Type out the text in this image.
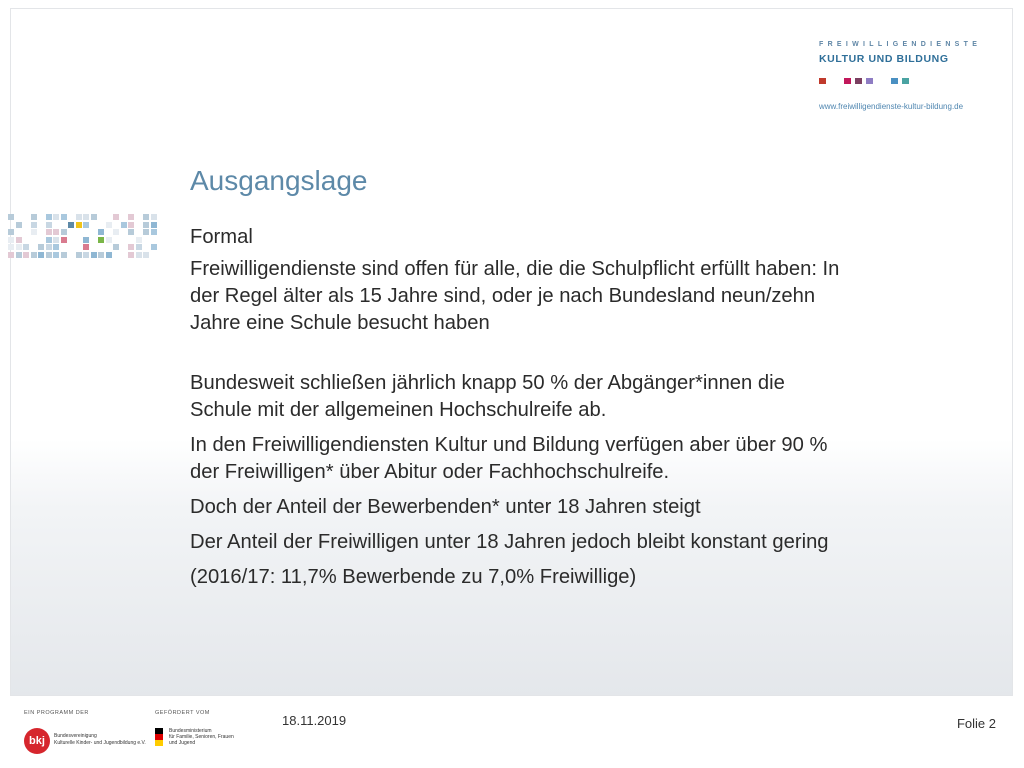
FREIWILLIGENDIENSTE
KULTUR UND BILDUNG
www.freiwilligendienste-kultur-bildung.de
Ausgangslage

Formal

Freiwilligendienste sind offen für alle, die die Schulpflicht erfüllt haben: In der Regel älter als 15 Jahre sind, oder je nach Bundesland neun/zehn Jahre eine Schule besucht haben

Bundesweit schließen jährlich knapp 50 % der Abgänger*innen die Schule mit der allgemeinen Hochschulreife ab.

In den Freiwilligendiensten Kultur und Bildung verfügen aber über 90 % der Freiwilligen* über Abitur oder Fachhochschulreife.

Doch der Anteil der Bewerbenden* unter 18 Jahren steigt

Der Anteil der Freiwilligen unter 18 Jahren jedoch bleibt konstant gering

(2016/17: 11,7% Bewerbende zu 7,0% Freiwillige)

EIN PROGRAMM DER
bkj	Bundesvereinigung
Kulturelle Kinder- und Jugendbildung e.V.
GEFÖRDERT VOM
Bundesministerium
für Familie, Senioren, Frauen
und Jugend
18.11.2019	Folie 2
